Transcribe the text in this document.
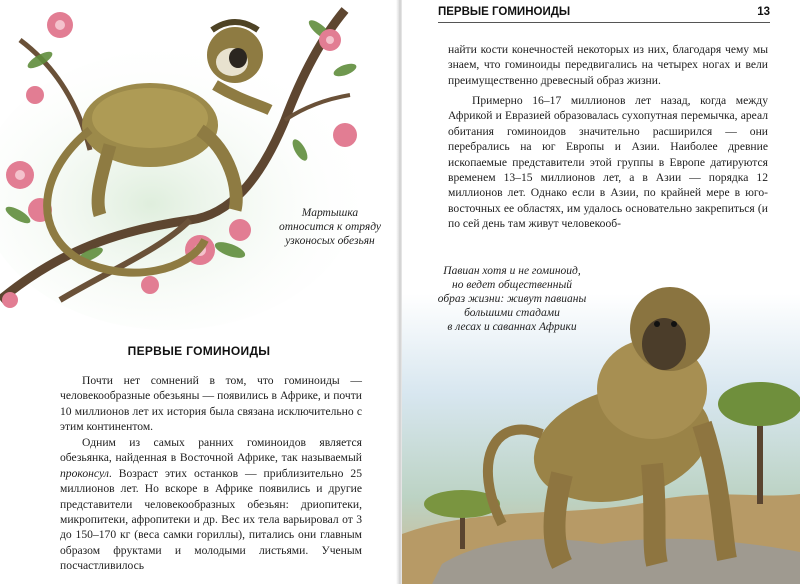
Мартышка
относится к отряду
узконосых обезьян
ПЕРВЫЕ ГОМИНОИДЫ

Почти нет сомнений в том, что гоминоиды — человекообразные обезьяны — появились в Африке, и почти 10 миллионов лет их история была связана исключительно с этим континентом.

Одним из самых ранних гоминоидов является обезьянка, найденная в Восточной Африке, так называемый проконсул. Возраст этих останков — приблизительно 25 миллионов лет. Но вскоре в Африке появились и другие представители человекообразных обезьян: дриопитеки, микропитеки, афропитеки и др. Вес их тела варьировал от 3 до 150–170 кг (веса самки гориллы), питались они главным образом фруктами и молодыми листьями. Ученым посчастливилось

ПЕРВЫЕ ГОМИНОИДЫ	13

найти кости конечностей некоторых из них, благодаря чему мы знаем, что гоминоиды передвигались на четырех ногах и вели преимущественно древесный образ жизни.

Примерно 16–17 миллионов лет назад, когда между Африкой и Евразией образовалась сухопутная перемычка, ареал обитания гоминоидов значительно расширился — они перебрались на юг Европы и Азии. Наиболее древние ископаемые представители этой группы в Европе датируются временем 13–15 миллионов лет, а в Азии — порядка 12 миллионов лет. Однако если в Азии, по крайней мере в юго-восточных ее областях, им удалось основательно закрепиться (и по сей день там живут человекооб-

Павиан хотя и не гоминоид,
но ведет общественный
образ жизни: живут павианы
большими стадами
в лесах и саваннах Африки
